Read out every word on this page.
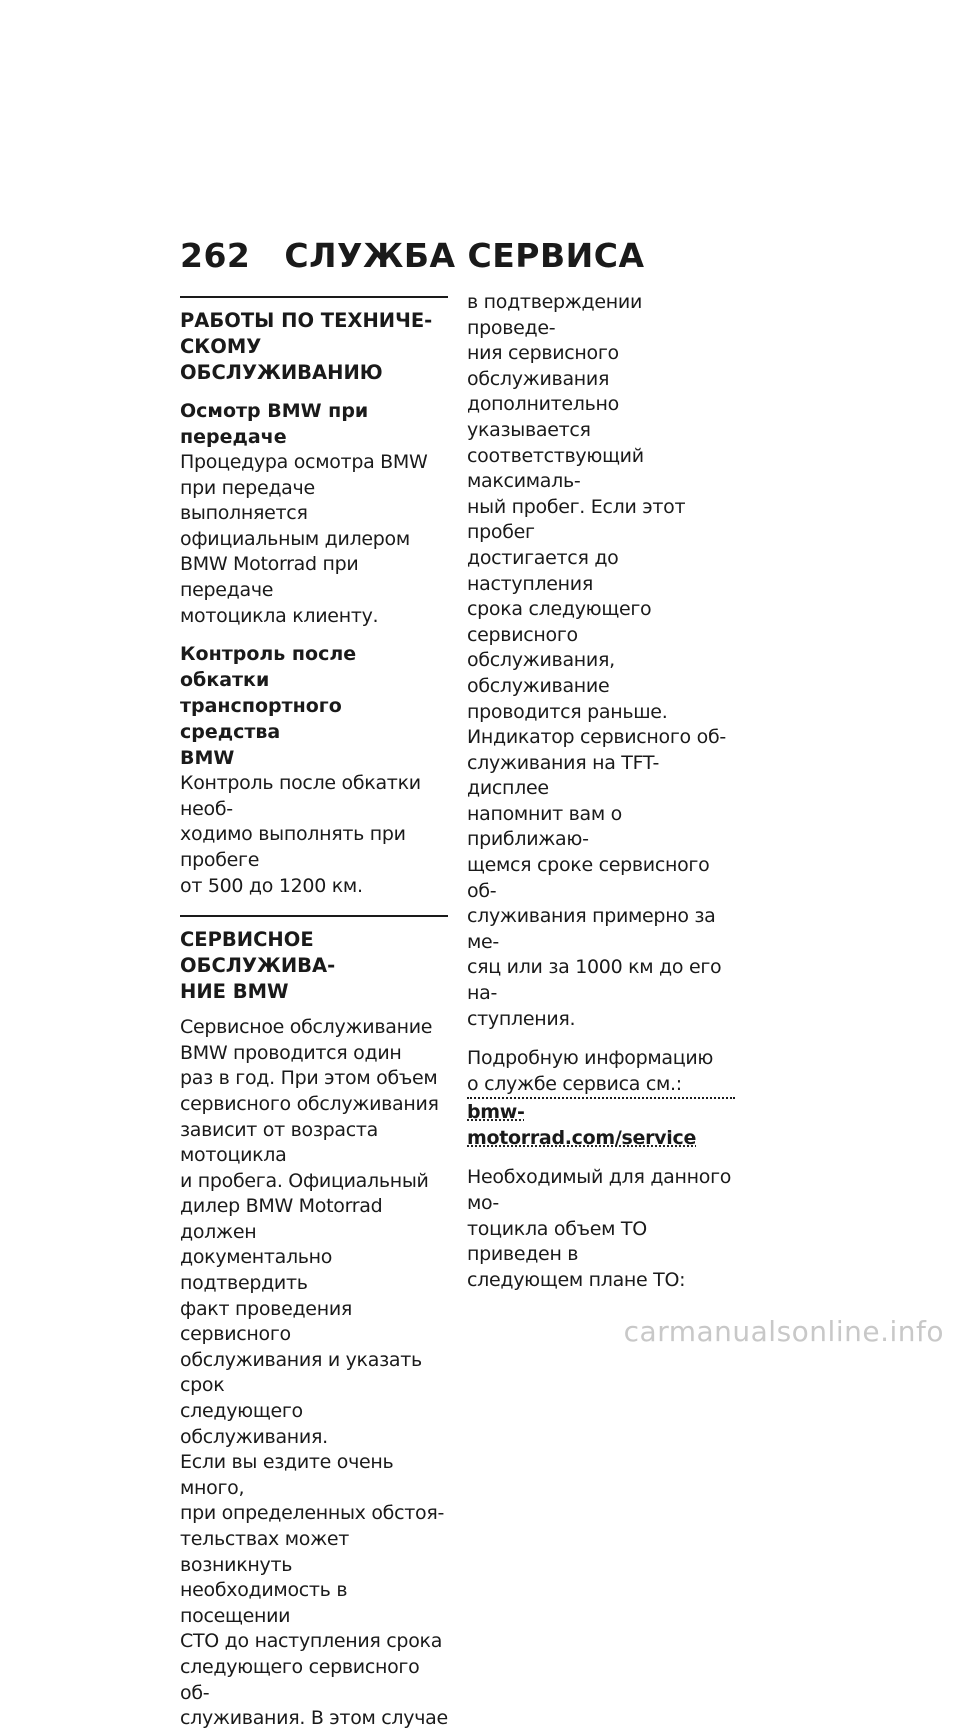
262 СЛУЖБА СЕРВИСА
РАБОТЫ ПО ТЕХНИЧЕ-
СКОМУ ОБСЛУЖИВАНИЮ
Осмотр BMW при передаче

Процедура осмотра BMW

при передаче выполняется

официальным дилером

BMW Motorrad при передаче

мотоцикла клиенту.

Контроль после обкатки
транспортного средства
BMW

Контроль после обкатки необ-

ходимо выполнять при пробеге

от 500 до 1200 км.

СЕРВИСНОЕ ОБСЛУЖИВА-
НИЕ BMW

Сервисное обслуживание

BMW проводится один

раз в год. При этом объем

сервисного обслуживания

зависит от возраста мотоцикла

и пробега. Официальный

дилер BMW Motorrad должен

документально подтвердить

факт проведения сервисного

обслуживания и указать срок

следующего обслуживания.

Если вы ездите очень много,

при определенных обстоя-

тельствах может возникнуть

необходимость в посещении

СТО до наступления срока

следующего сервисного об-

служивания. В этом случае

в подтверждении проведе-

ния сервисного обслуживания

дополнительно указывается

соответствующий максималь-

ный пробег. Если этот пробег

достигается до наступления

срока следующего сервисного

обслуживания, обслуживание

проводится раньше.

Индикатор сервисного об-

служивания на TFT-дисплее

напомнит вам о приближаю-

щемся сроке сервисного об-

служивания примерно за ме-

сяц или за 1000 км до его на-

ступления.

Подробную информацию

о службе сервиса см.:

bmw-motorrad.com/service

Необходимый для данного мо-

тоцикла объем ТО приведен в

следующем плане ТО:

carmanualsonline.info
